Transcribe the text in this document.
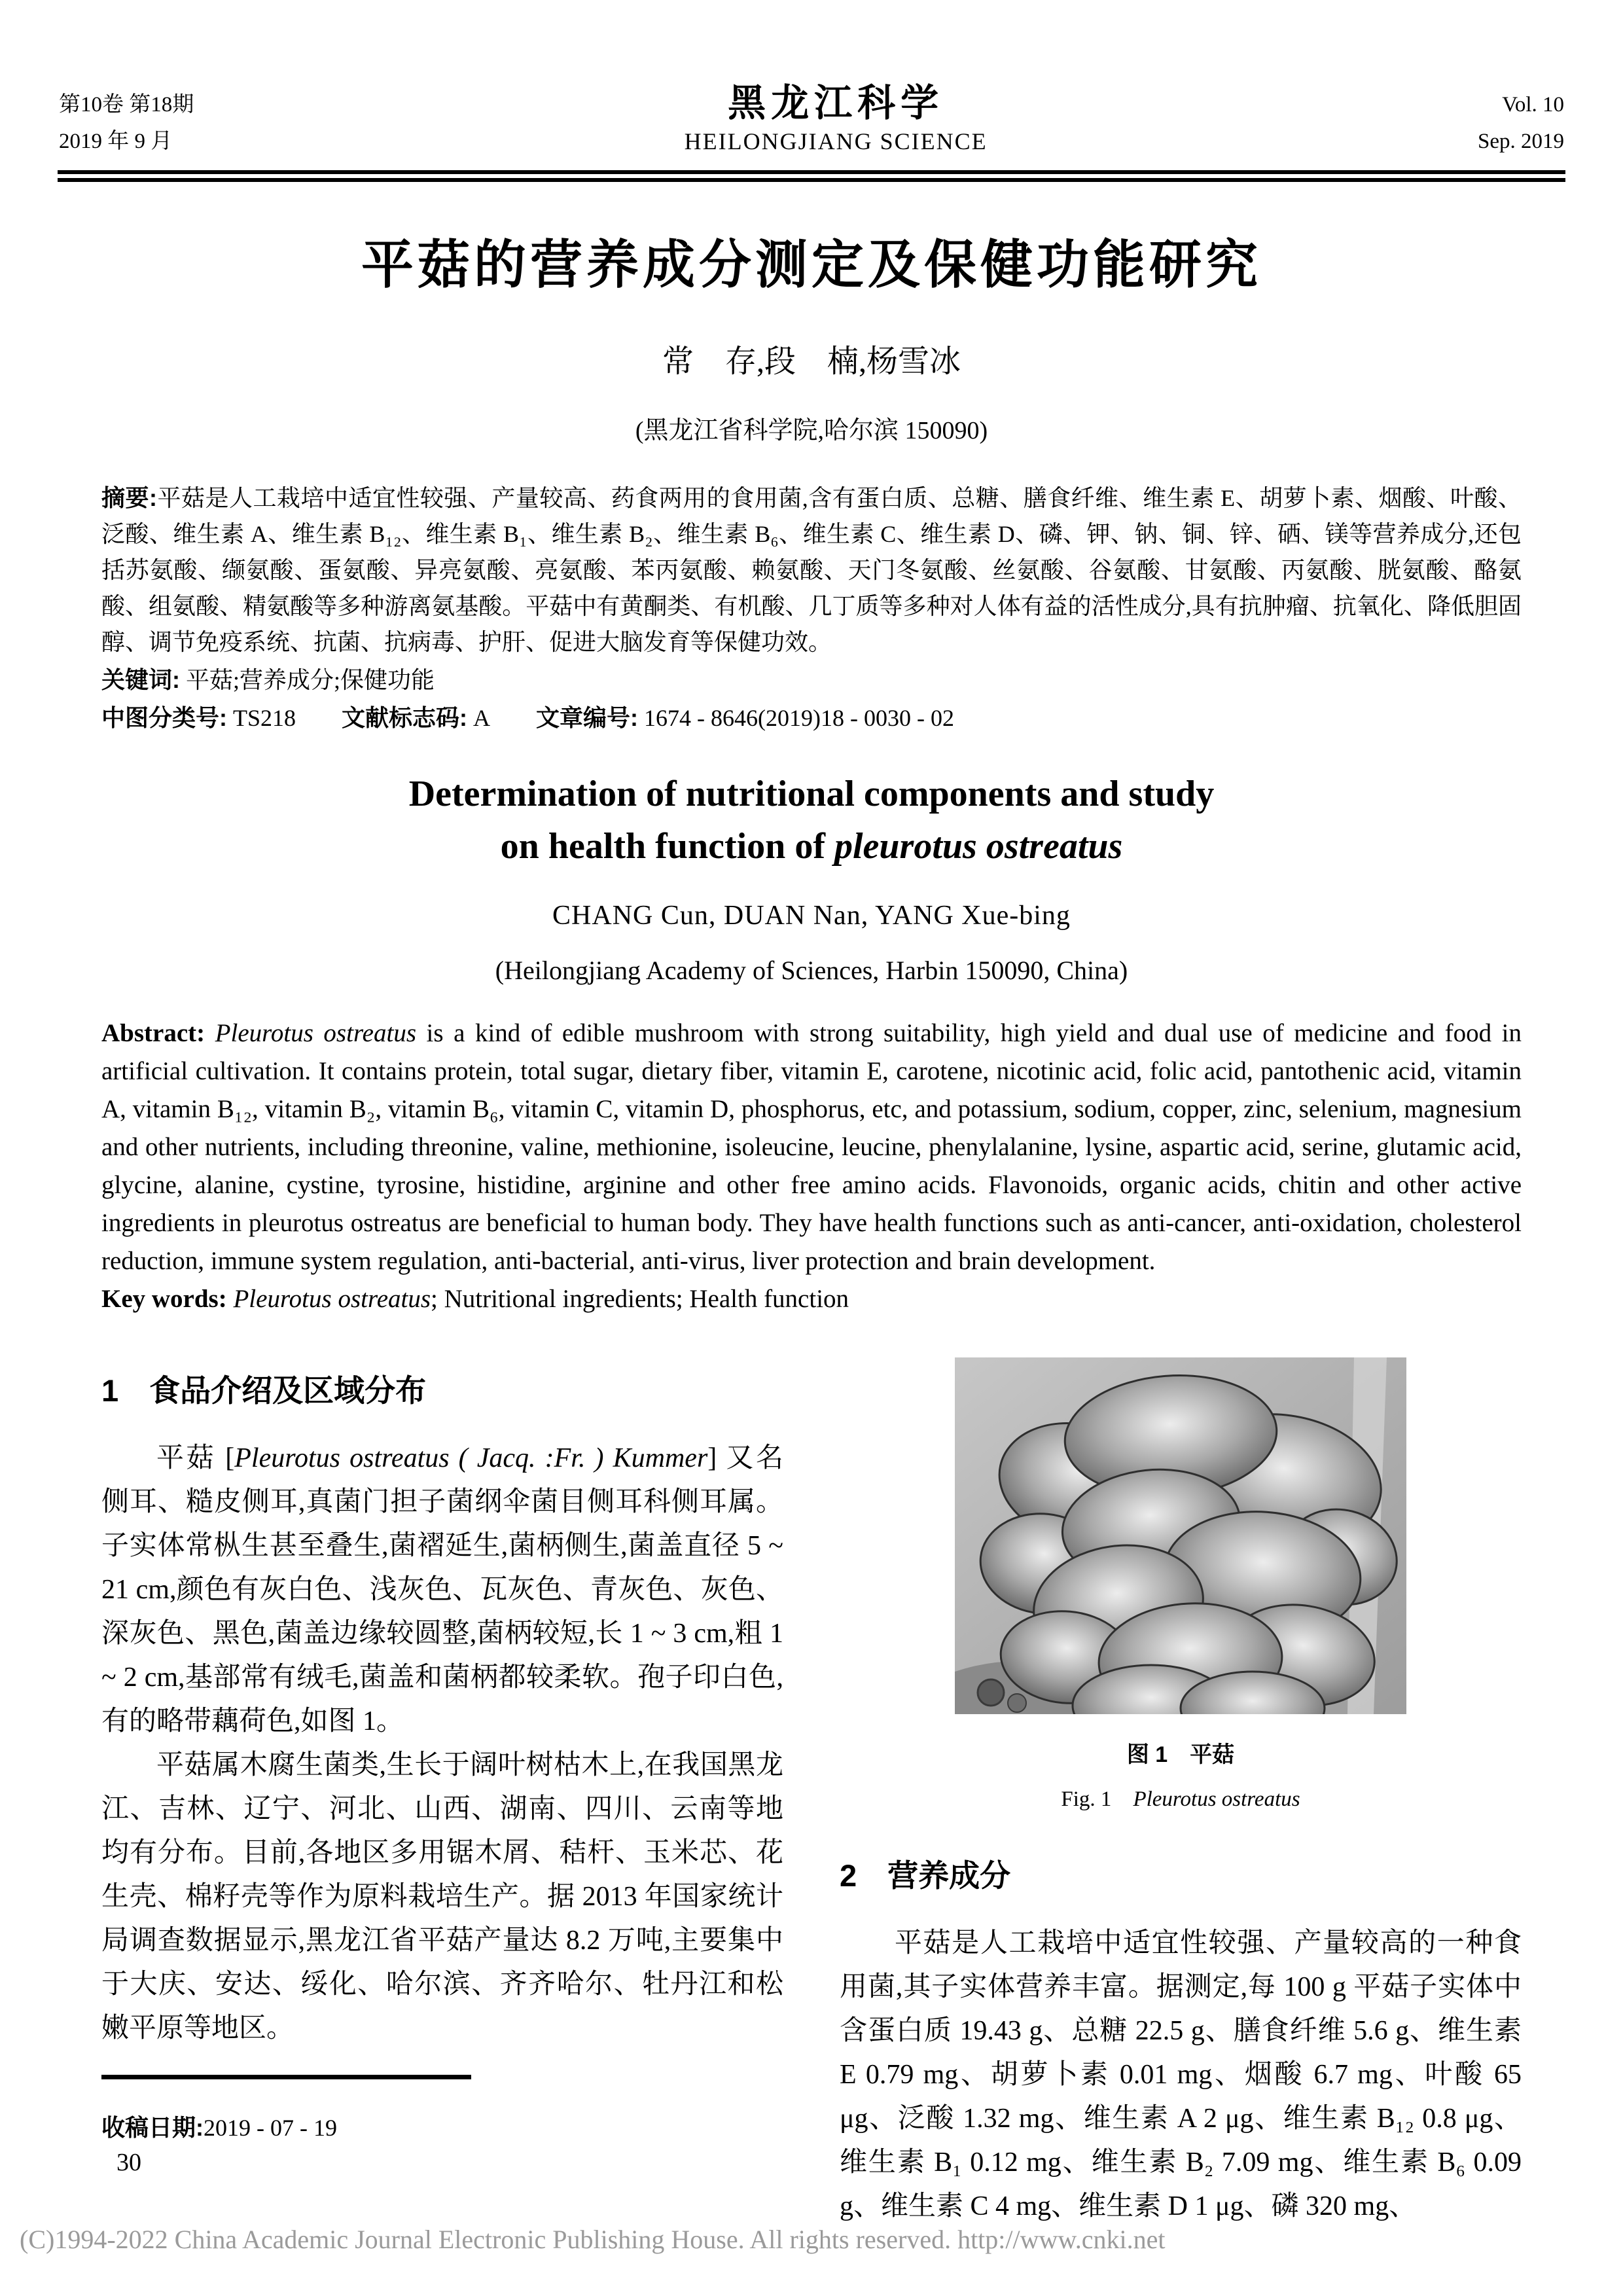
第10卷 第18期
2019 年 9 月
黑龙江科学
HEILONGJIANG SCIENCE
Vol. 10
Sep. 2019
平菇的营养成分测定及保健功能研究
常　存,段　楠,杨雪冰
(黑龙江省科学院,哈尔滨 150090)
摘要:平菇是人工栽培中适宜性较强、产量较高、药食两用的食用菌,含有蛋白质、总糖、膳食纤维、维生素 E、胡萝卜素、烟酸、叶酸、泛酸、维生素 A、维生素 B₁₂、维生素 B₁、维生素 B₂、维生素 B₆、维生素 C、维生素 D、磷、钾、钠、铜、锌、硒、镁等营养成分,还包括苏氨酸、缬氨酸、蛋氨酸、异亮氨酸、亮氨酸、苯丙氨酸、赖氨酸、天门冬氨酸、丝氨酸、谷氨酸、甘氨酸、丙氨酸、胱氨酸、酪氨酸、组氨酸、精氨酸等多种游离氨基酸。平菇中有黄酮类、有机酸、几丁质等多种对人体有益的活性成分,具有抗肿瘤、抗氧化、降低胆固醇、调节免疫系统、抗菌、抗病毒、护肝、促进大脑发育等保健功效。
关键词: 平菇;营养成分;保健功能
中图分类号: TS218 文献标志码: A 文章编号: 1674 - 8646(2019)18 - 0030 - 02
Determination of nutritional components and study
on health function of pleurotus ostreatus
CHANG Cun, DUAN Nan, YANG Xue-bing
(Heilongjiang Academy of Sciences, Harbin 150090, China)
Abstract: Pleurotus ostreatus is a kind of edible mushroom with strong suitability, high yield and dual use of medicine and food in artificial cultivation. It contains protein, total sugar, dietary fiber, vitamin E, carotene, nicotinic acid, folic acid, pantothenic acid, vitamin A, vitamin B₁₂, vitamin B₂, vitamin B₆, vitamin C, vitamin D, phosphorus, etc, and potassium, sodium, copper, zinc, selenium, magnesium and other nutrients, including threonine, valine, methionine, isoleucine, leucine, phenylalanine, lysine, aspartic acid, serine, glutamic acid, glycine, alanine, cystine, tyrosine, histidine, arginine and other free amino acids. Flavonoids, organic acids, chitin and other active ingredients in pleurotus ostreatus are beneficial to human body. They have health functions such as anti-cancer, anti-oxidation, cholesterol reduction, immune system regulation, anti-bacterial, anti-virus, liver protection and brain development.
Key words: Pleurotus ostreatus; Nutritional ingredients; Health function
1　食品介绍及区域分布

平菇 [Pleurotus ostreatus ( Jacq. :Fr. ) Kummer] 又名侧耳、糙皮侧耳,真菌门担子菌纲伞菌目侧耳科侧耳属。子实体常枞生甚至叠生,菌褶延生,菌柄侧生,菌盖直径 5 ~ 21 cm,颜色有灰白色、浅灰色、瓦灰色、青灰色、灰色、深灰色、黑色,菌盖边缘较圆整,菌柄较短,长 1 ~ 3 cm,粗 1 ~ 2 cm,基部常有绒毛,菌盖和菌柄都较柔软。孢子印白色,有的略带藕荷色,如图 1。

平菇属木腐生菌类,生长于阔叶树枯木上,在我国黑龙江、吉林、辽宁、河北、山西、湖南、四川、云南等地均有分布。目前,各地区多用锯木屑、秸杆、玉米芯、花生壳、棉籽壳等作为原料栽培生产。据 2013 年国家统计局调查数据显示,黑龙江省平菇产量达 8.2 万吨,主要集中于大庆、安达、绥化、哈尔滨、齐齐哈尔、牡丹江和松嫩平原等地区。

图 1　平菇
Fig. 1　Pleurotus ostreatus
2　营养成分

平菇是人工栽培中适宜性较强、产量较高的一种食用菌,其子实体营养丰富。据测定,每 100 g 平菇子实体中含蛋白质 19.43 g、总糖 22.5 g、膳食纤维 5.6 g、维生素 E 0.79 mg、胡萝卜素 0.01 mg、烟酸 6.7 mg、叶酸 65 μg、泛酸 1.32 mg、维生素 A 2 μg、维生素 B₁₂ 0.8 μg、维生素 B₁ 0.12 mg、维生素 B₂ 7.09 mg、维生素 B₆ 0.09 g、维生素 C 4 mg、维生素 D 1 μg、磷 320 mg、

收稿日期:2019 - 07 - 19
30
(C)1994-2022 China Academic Journal Electronic Publishing House. All rights reserved. http://www.cnki.net
